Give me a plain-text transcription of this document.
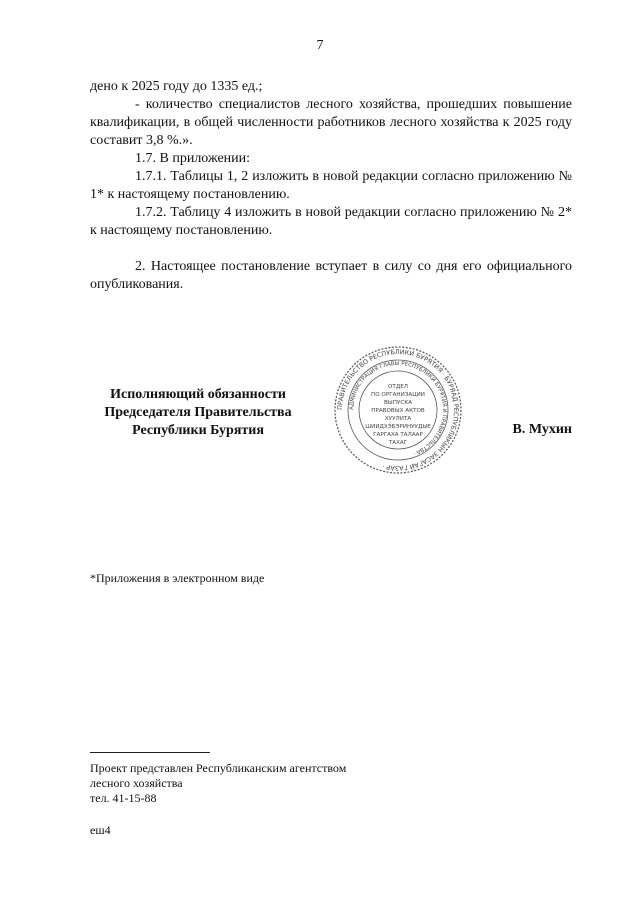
7

дено к 2025 году до 1335 ед.;

- количество специалистов лесного хозяйства, прошедших повышение квалификации, в общей численности работников лесного хозяйства к 2025 году составит 3,8 %.».

1.7. В приложении:

1.7.1. Таблицы 1, 2 изложить в новой редакции согласно приложению № 1* к настоящему постановлению.

1.7.2. Таблицу 4 изложить в новой редакции согласно приложению № 2* к настоящему постановлению.

2. Настоящее постановление вступает в силу со дня его официального опубликования.

Исполняющий обязанности
Председателя Правительства
Республики Бурятия
ПРАВИТЕЛЬСТВО РЕСПУБЛИКИ БУРЯТИЯ · БУРЯАД РЕСПУБЛИКЫН ЗАСАГАЙ ГАЗАР ·
АДМИНИСТРАЦИЯ ГЛАВЫ РЕСПУБЛИКИ БУРЯТИЯ И ПРАВИТЕЛЬСТВА ·
ОТДЕЛ
ПО ОРГАНИЗАЦИИ
ВЫПУСКА
ПРАВОВЫХ АКТОВ
ХУУЛИТА
ШИИДХЭБЭРИНУУДЫЕ
ГАРГАХА ТАЛААР
ТАХАГ
В. Мухин
*Приложения в электронном виде
Проект представлен Республиканским агентством
лесного хозяйства
тел. 41-15-88
еш4
